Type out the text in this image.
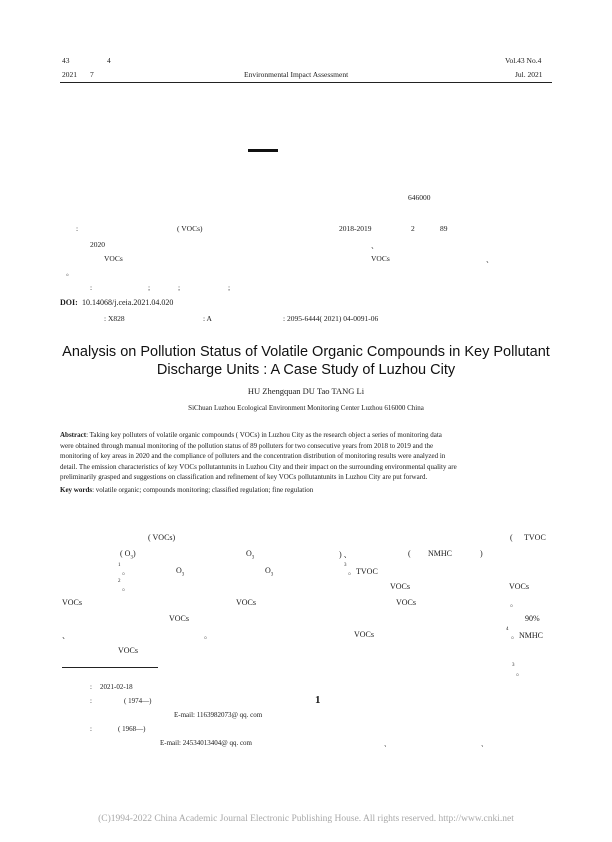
43	4
2021 7	Environmental Impact Assessment
Vol.43 No.4
Jul. 2021
646000
:	( VOCs)	2018-2019	2	89
2020	、
VOCs	VOCs	、
。
:	;	;	;
DOI: 10.14068/j.ceia.2021.04.020
: X828	: A	: 2095-6444( 2021) 04-0091-06
Analysis on Pollution Status of Volatile Organic Compounds in Key Pollutant
Discharge Units : A Case Study of Luzhou City
HU Zhengquan DU Tao TANG Li
SiChuan Luzhou Ecological Environment Monitoring Center Luzhou 616000 China
Abstract: Taking key polluters of volatile organic compounds ( VOCs) in Luzhou City as the research object a series of monitoring data
were obtained through manual monitoring of the pollution status of 89 polluters for two consecutive years from 2018 to 2019 and the
monitoring of key areas in 2020 and the compliance of polluters and the concentration distribution of monitoring results were analyzed in
detail. The emission characteristics of key VOCs pollutantunits in Luzhou City and their impact on the surrounding environmental quality are
preliminarily grasped and suggestions on classification and refinement of key VOCs pollutantunits in Luzhou City are put forward.
Key words: volatile organic; compounds monitoring; classified regulation; fine regulation
( VOCs)	( TVOC
( $O_3$)	$O_3$	) 、	( NMHC	)
1
。	$O_3$
$O_3$
3
。TVOC
2
。	VOCs	VOCs
VOCs	VOCs	VOCs	。
VOCs	90%
、	。	VOCs
4
。NMHC
VOCs
3
。
: 2021-02-18
:	( 1974—)
E-mail: 1163982073@ qq. com
1
:	( 1968—)
E-mail: 24534013404@ qq. com	、	、
(C)1994-2022 China Academic Journal Electronic Publishing House. All rights reserved. http://www.cnki.net
